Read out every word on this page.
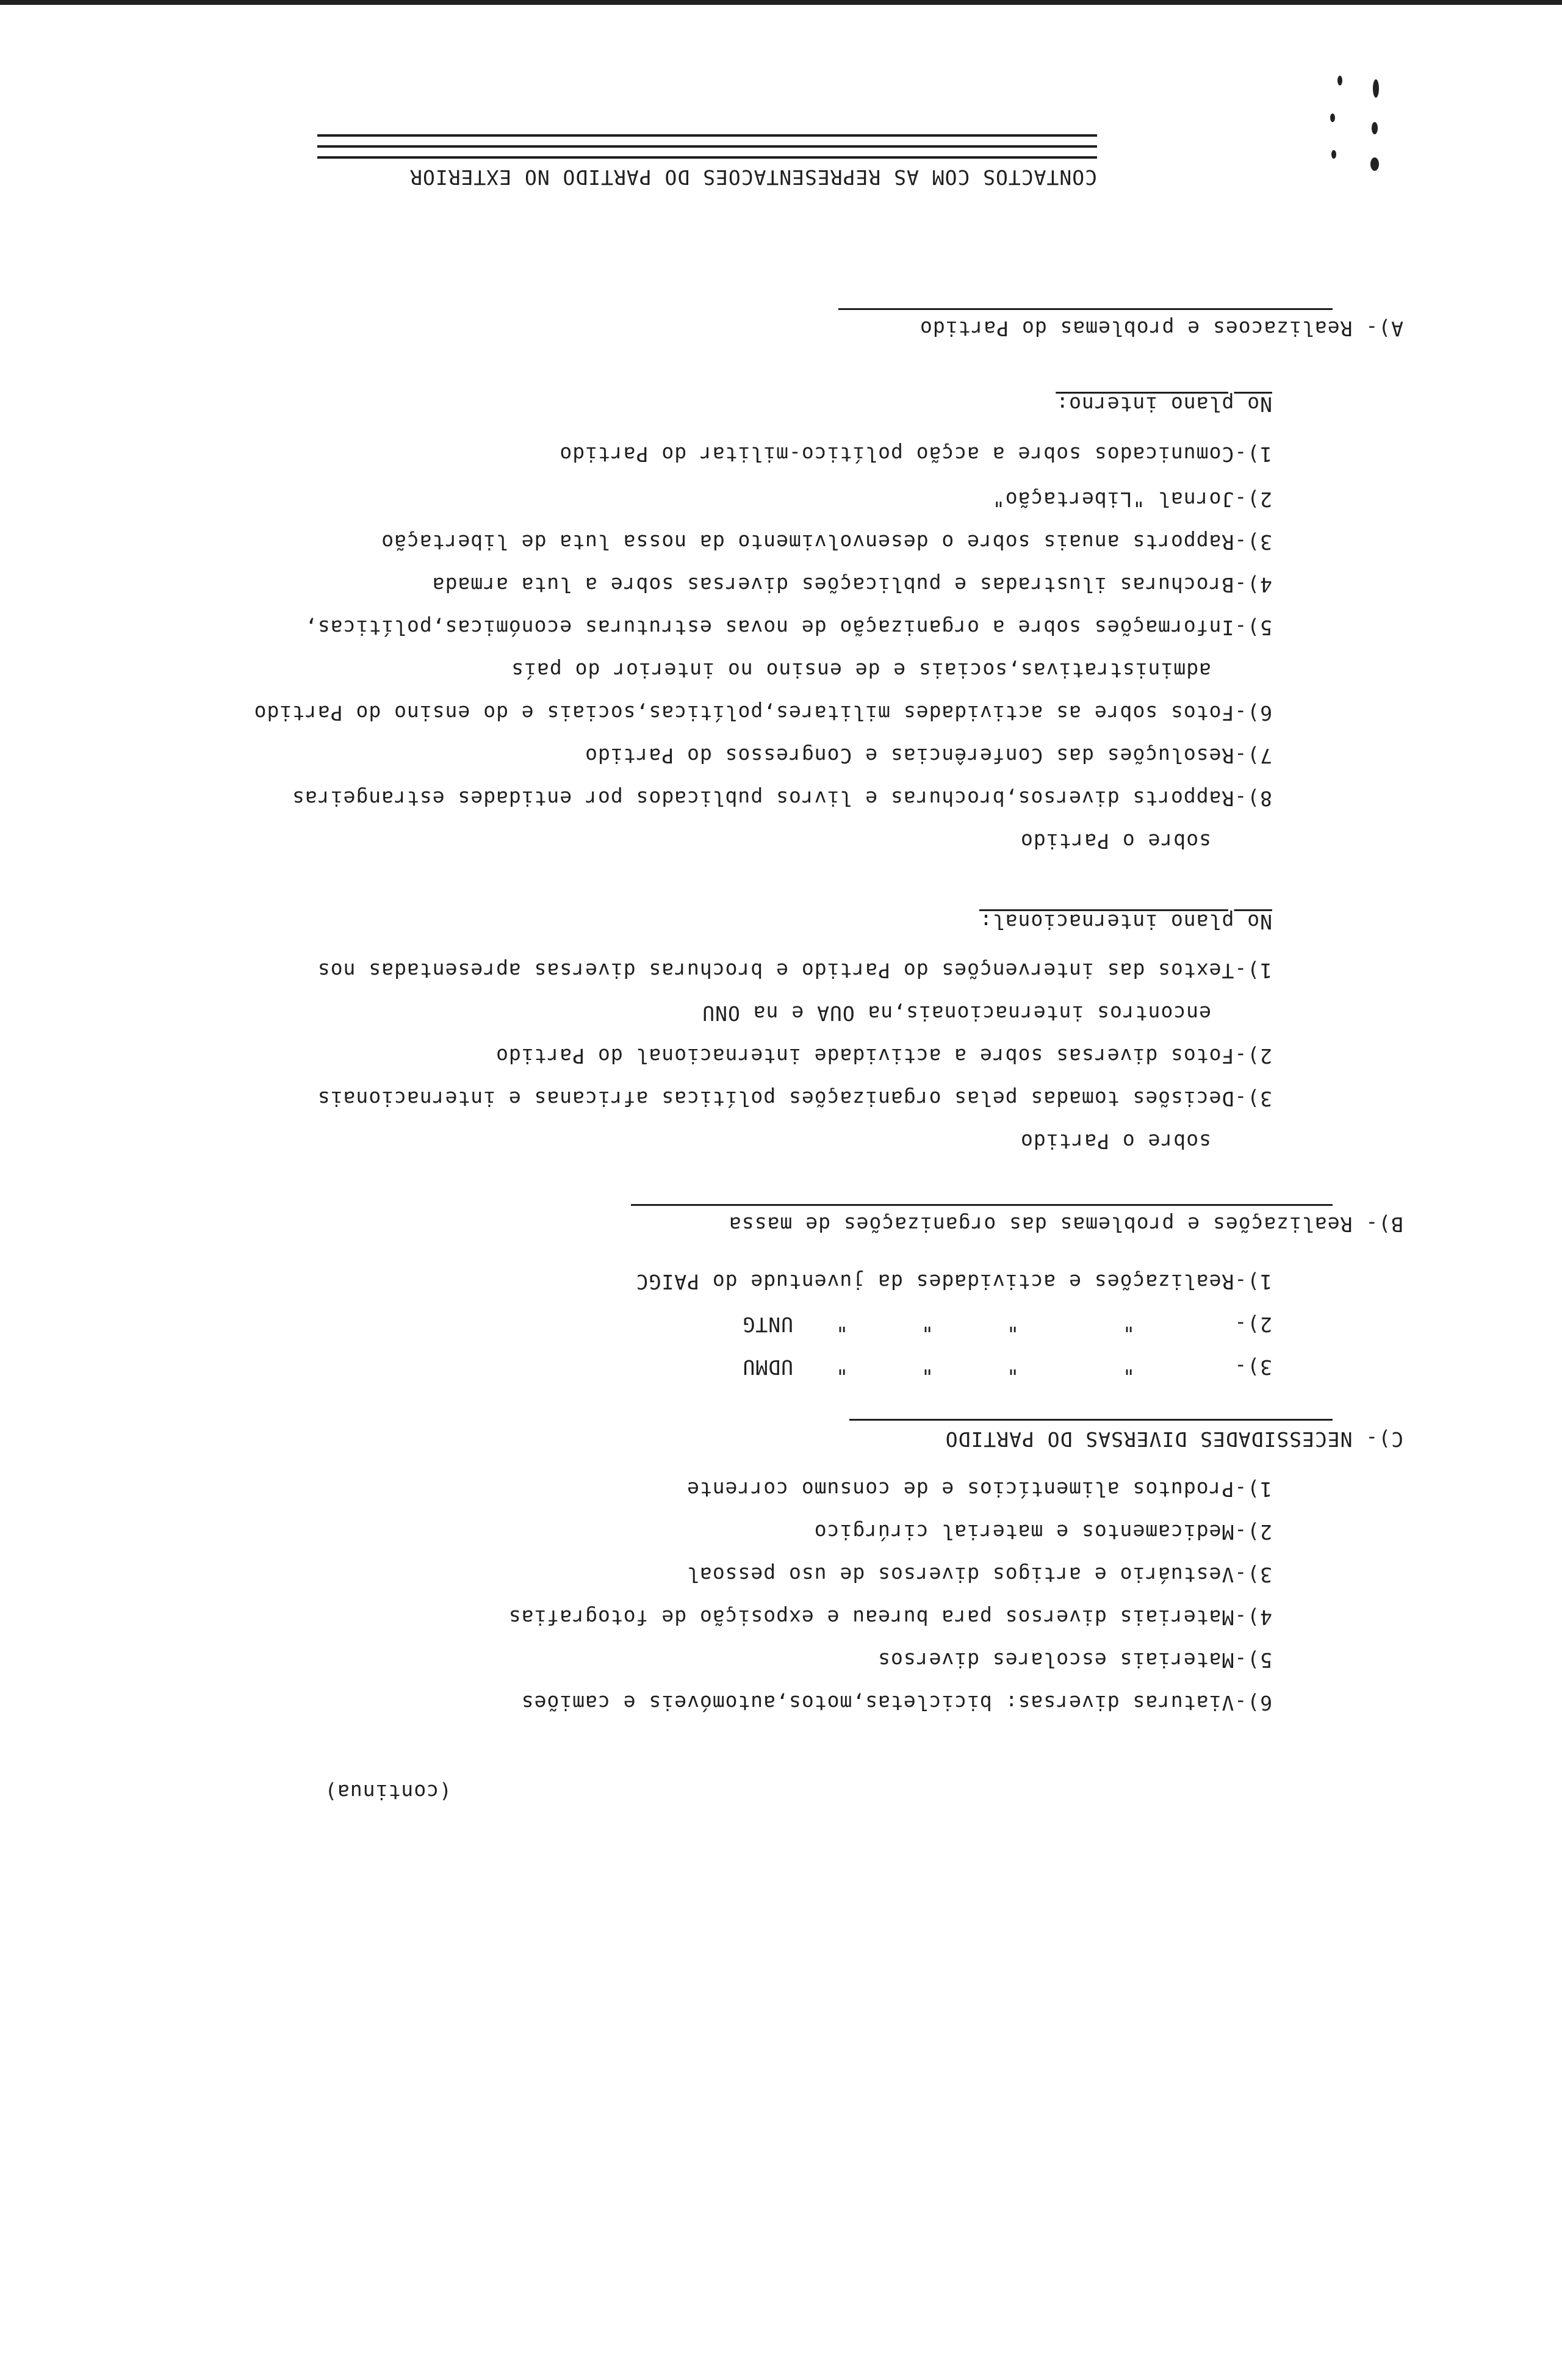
CONTACTOS COM AS REPRESENTACOES DO PARTIDO NO EXTERIOR
A)- Realizacoes e problemas do Partido
No plano interno:
1)-Comunicados sobre a acção político-militar do Partido
2)-Jornal "Libertação"
3)-Rapports anuais sobre o desenvolvimento da nossa luta de libertação
4)-Brochuras ilustradas e publicações diversas sobre a luta armada
5)-Informações sobre a organização de novas estruturas económicas,políticas,
administrativas,sociais e de ensino no interior do país
6)-Fotos sobre as actividades militares,políticas,sociais e do ensino do Partido
7)-Resoluções das Conferências e Congressos do Partido
8)-Rapports diversos,brochuras e livros publicados por entidades estrangeiras
sobre o Partido
No plano internacional:
1)-Textos das intervenções do Partido e brochuras diversas apresentadas nos
encontros internacionais,na OUA e na ONU
2)-Fotos diversas sobre a actividade internacional do Partido
3)-Decisões tomadas pelas organizações políticas africanas e internacionais
sobre o Partido
B)- Realizações e problemas das organizações de massa
1)-Realizações e actividades da juventude do PAIGC
2)-
"
"
"
"
UNTG
3)-
"
"
"
"
UDMU
C)- NECESSIDADES DIVERSAS DO PARTIDO
1)-Produtos alimentícios e de consumo corrente
2)-Medicamentos e material cirúrgico
3)-Vestuário e artigos diversos de uso pessoal
4)-Materiais diversos para bureau e exposição de fotografias
5)-Materiais escolares diversos
6)-Viaturas diversas: bicicletas,motos,automóveis e camiões
(continua)
